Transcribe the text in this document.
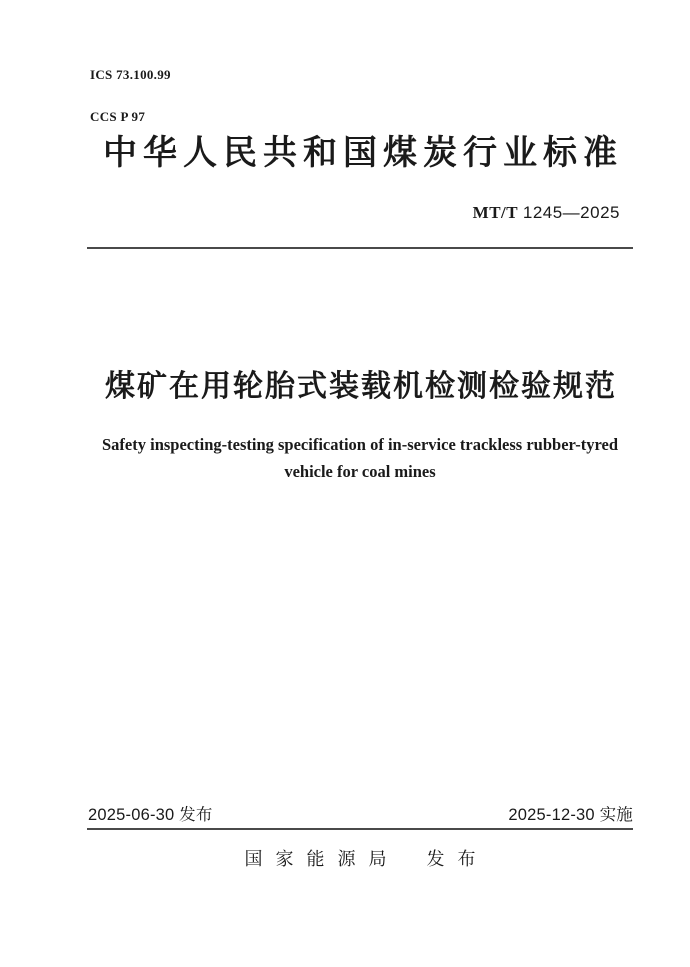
ICS 73.100.99

CCS P 97

中华人民共和国煤炭行业标准
MT/T 1245—2025
煤矿在用轮胎式装载机检测检验规范
Safety inspecting-testing specification of in-service trackless rubber-tyred
vehicle for coal mines
2025-06-30 发布	2025-12-30 实施
国家能源局 发布
